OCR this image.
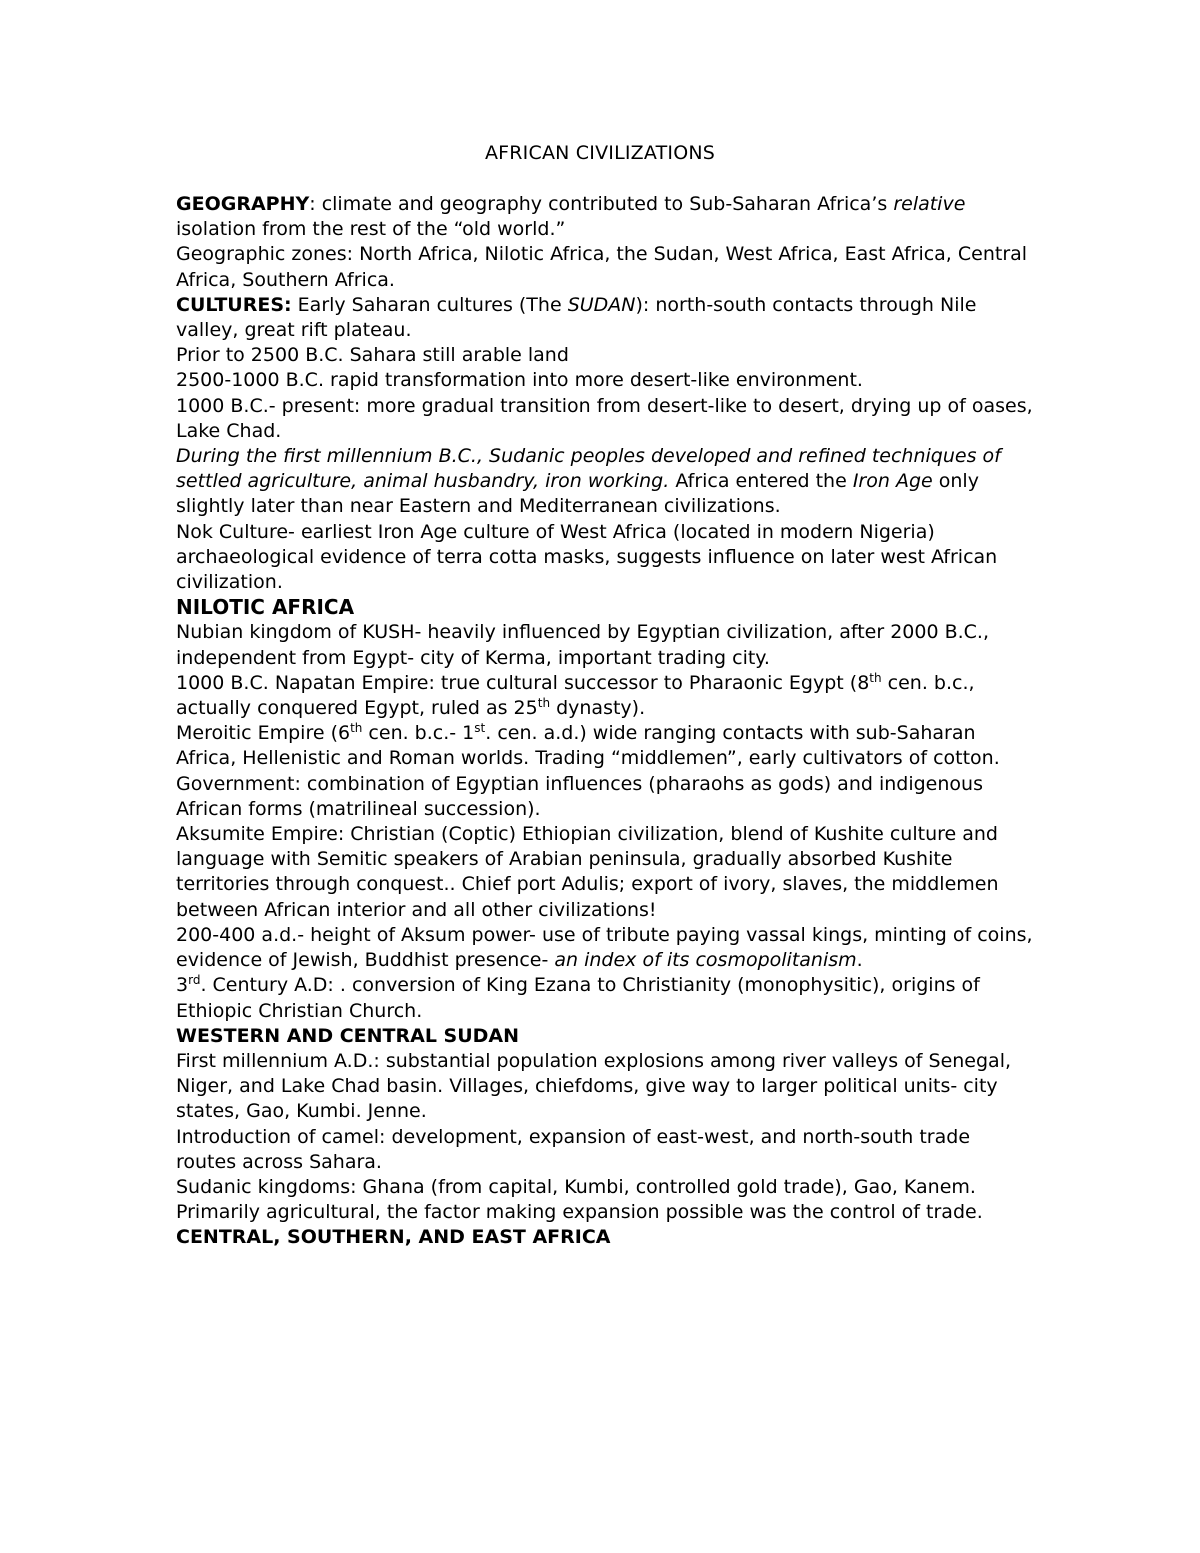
AFRICAN CIVILIZATIONS

GEOGRAPHY: climate and geography contributed to Sub-Saharan Africa’s relative isolation from the rest of the “old world.”

Geographic zones: North Africa, Nilotic Africa, the Sudan, West Africa, East Africa, Central Africa, Southern Africa.

CULTURES: Early Saharan cultures (The SUDAN): north-south contacts through Nile valley, great rift plateau.

Prior to 2500 B.C. Sahara still arable land

2500-1000 B.C. rapid transformation into more desert-like environment.

1000 B.C.- present: more gradual transition from desert-like to desert, drying up of oases, Lake Chad.

During the first millennium B.C., Sudanic peoples developed and refined techniques of settled agriculture, animal husbandry, iron working. Africa entered the Iron Age only slightly later than near Eastern and Mediterranean civilizations.

Nok Culture- earliest Iron Age culture of West Africa (located in modern Nigeria) archaeological evidence of terra cotta masks, suggests influence on later west African civilization.

NILOTIC AFRICA

Nubian kingdom of KUSH- heavily influenced by Egyptian civilization, after 2000 B.C., independent from Egypt- city of Kerma, important trading city.

1000 B.C. Napatan Empire: true cultural successor to Pharaonic Egypt (8th cen. b.c., actually conquered Egypt, ruled as 25th dynasty).

Meroitic Empire (6th cen. b.c.- 1st. cen. a.d.) wide ranging contacts with sub-Saharan Africa, Hellenistic and Roman worlds. Trading “middlemen”, early cultivators of cotton.

Government: combination of Egyptian influences (pharaohs as gods) and indigenous African forms (matrilineal succession).

Aksumite Empire: Christian (Coptic) Ethiopian civilization, blend of Kushite culture and language with Semitic speakers of Arabian peninsula, gradually absorbed Kushite territories through conquest.. Chief port Adulis; export of ivory, slaves, the middlemen between African interior and all other civilizations!

200-400 a.d.- height of Aksum power- use of tribute paying vassal kings, minting of coins, evidence of Jewish, Buddhist presence- an index of its cosmopolitanism.

3rd. Century A.D: . conversion of King Ezana to Christianity (monophysitic), origins of Ethiopic Christian Church.

WESTERN AND CENTRAL SUDAN

First millennium A.D.: substantial population explosions among river valleys of Senegal, Niger, and Lake Chad basin. Villages, chiefdoms, give way to larger political units- city states, Gao, Kumbi. Jenne.

Introduction of camel: development, expansion of east-west, and north-south trade routes across Sahara.

Sudanic kingdoms: Ghana (from capital, Kumbi, controlled gold trade), Gao, Kanem. Primarily agricultural, the factor making expansion possible was the control of trade.

CENTRAL, SOUTHERN, AND EAST AFRICA
